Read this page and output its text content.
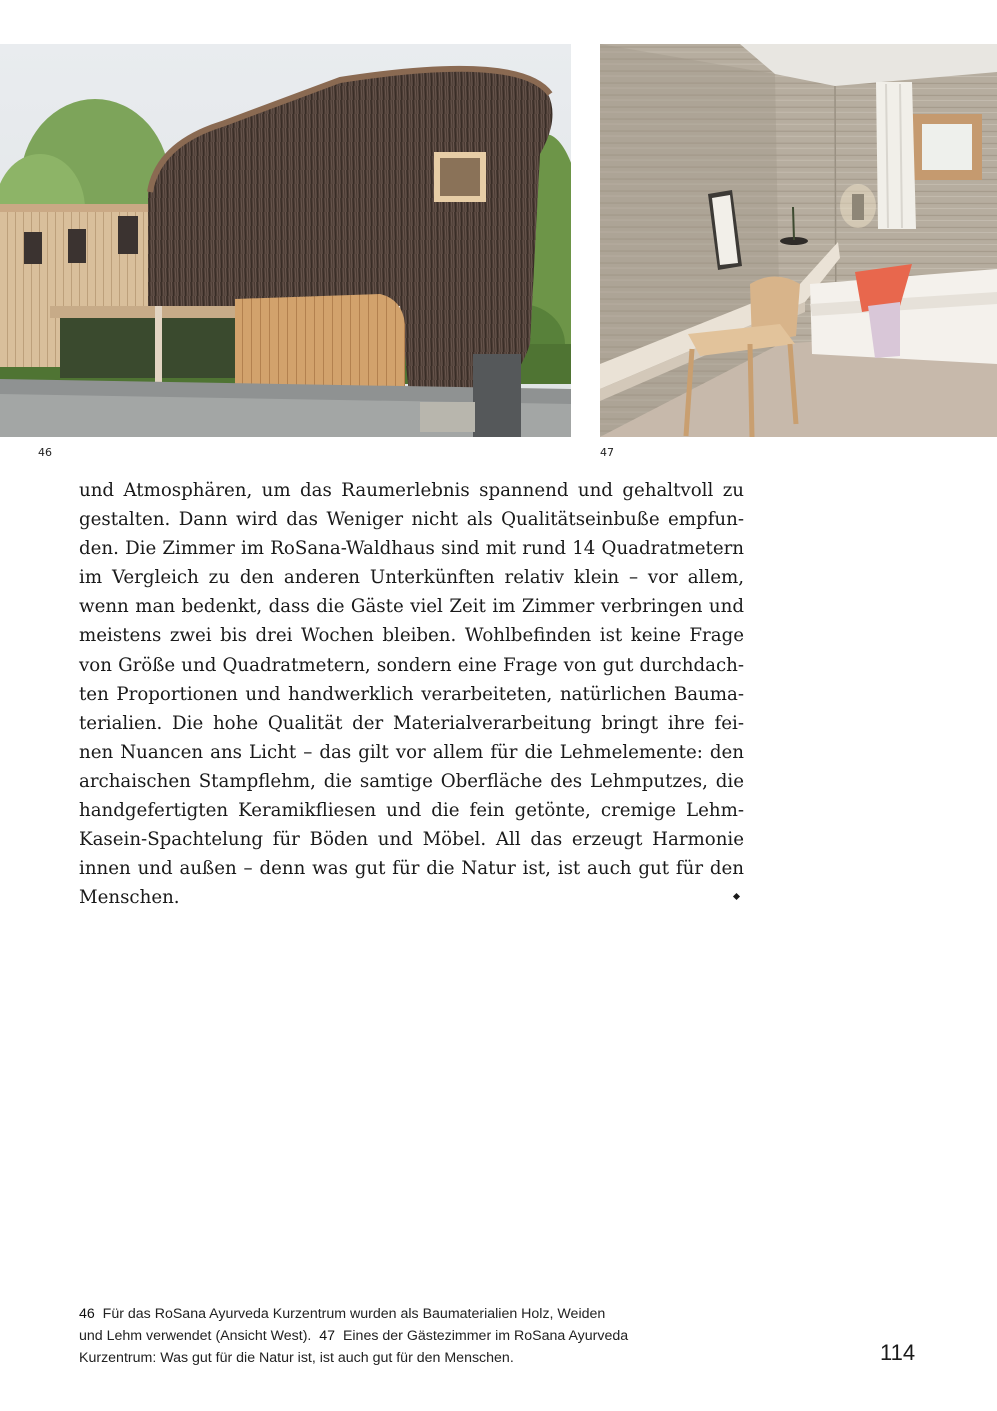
46	47
und Atmosphären, um das Raumerlebnis spannend und gehaltvoll zu
gestalten. Dann wird das Weniger nicht als Qualitätseinbuße empfun-
den. Die Zimmer im RoSana-Waldhaus sind mit rund 14 Quadratmetern
im Vergleich zu den anderen Unterkünften relativ klein – vor allem,
wenn man bedenkt, dass die Gäste viel Zeit im Zimmer verbringen und
meistens zwei bis drei Wochen bleiben. Wohlbefinden ist keine Frage
von Größe und Quadratmetern, sondern eine Frage von gut durchdach-
ten Proportionen und handwerklich verarbeiteten, natürlichen Bauma-
terialien. Die hohe Qualität der Materialverarbeitung bringt ihre fei-
nen Nuancen ans Licht – das gilt vor allem für die Lehmelemente: den
archaischen Stampflehm, die samtige Oberfläche des Lehmputzes, die
handgefertigten Keramikfliesen und die fein getönte, cremige Lehm-
Kasein-Spachtelung für Böden und Möbel. All das erzeugt Harmonie
innen und außen – denn was gut für die Natur ist, ist auch gut für den
Menschen.
46 Für das RoSana Ayurveda Kurzentrum wurden als Baumaterialien Holz, Weiden
und Lehm verwendet (Ansicht West). 47 Eines der Gästezimmer im RoSana Ayurveda
Kurzentrum: Was gut für die Natur ist, ist auch gut für den Menschen.	114
